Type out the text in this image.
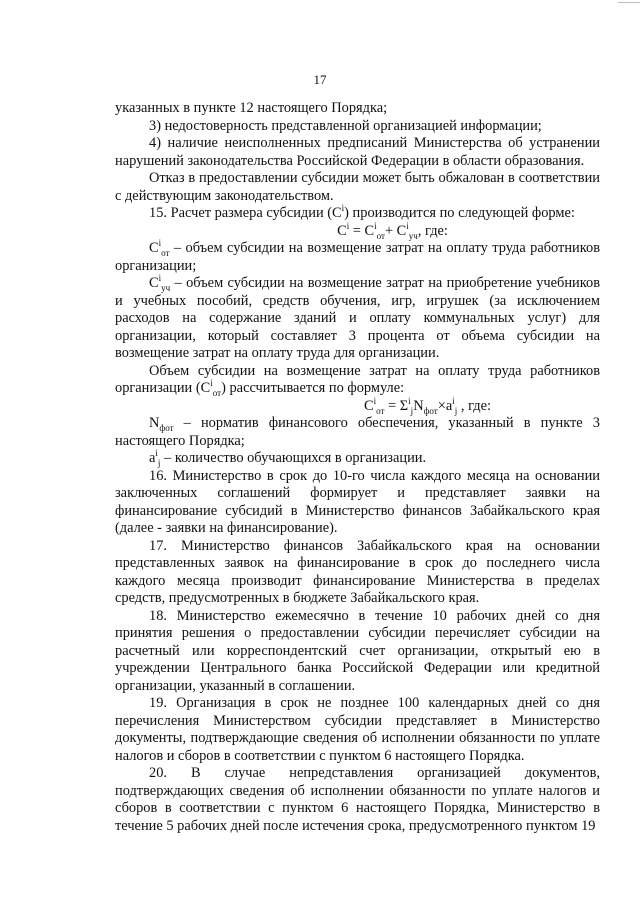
17

указанных в пункте 12 настоящего Порядка;

3) недостоверность представленной организацией информации;

4) наличие неисполненных предписаний Министерства об устранении нарушений законодательства Российской Федерации в области образования.

Отказ в предоставлении субсидии может быть обжалован в соответствии с действующим законодательством.

15. Расчет размера субсидии $(С^i)$ производится по следующей форме:

$С^i = С^i_{от}+ С^i_{уч}$, где:

$С^i_{от}$ – объем субсидии на возмещение затрат на оплату труда работников организации;

$С^i_{уч}$ – объем субсидии на возмещение затрат на приобретение учебников и учебных пособий, средств обучения, игр, игрушек (за исключением расходов на содержание зданий и оплату коммунальных услуг) для организации, который составляет 3 процента от объема субсидии на возмещение затрат на оплату труда для организации.

Объем субсидии на возмещение затрат на оплату труда работников организации $(С^i_{от})$ рассчитывается по формуле:

$С^i_{от} = \Sigma^i_jN_{фот}\times a^i_j$ , где:

$N_{фот}$ – норматив финансового обеспечения, указанный в пункте 3 настоящего Порядка;

$a^i_j$ – количество обучающихся в организации.

16. Министерство в срок до 10-го числа каждого месяца на основании заключенных соглашений формирует и представляет заявки на финансирование субсидий в Министерство финансов Забайкальского края (далее - заявки на финансирование).

17. Министерство финансов Забайкальского края на основании представленных заявок на финансирование в срок до последнего числа каждого месяца производит финансирование Министерства в пределах средств, предусмотренных в бюджете Забайкальского края.

18. Министерство ежемесячно в течение 10 рабочих дней со дня принятия решения о предоставлении субсидии перечисляет субсидии на расчетный или корреспондентский счет организации, открытый ею в учреждении Центрального банка Российской Федерации или кредитной организации, указанный в соглашении.

19. Организация в срок не позднее 100 календарных дней со дня перечисления Министерством субсидии представляет в Министерство документы, подтверждающие сведения об исполнении обязанности по уплате налогов и сборов в соответствии с пунктом 6 настоящего Порядка.

20. В случае непредставления организацией документов, подтверждающих сведения об исполнении обязанности по уплате налогов и сборов в соответствии с пунктом 6 настоящего Порядка, Министерство в течение 5 рабочих дней после истечения срока, предусмотренного пунктом 19
